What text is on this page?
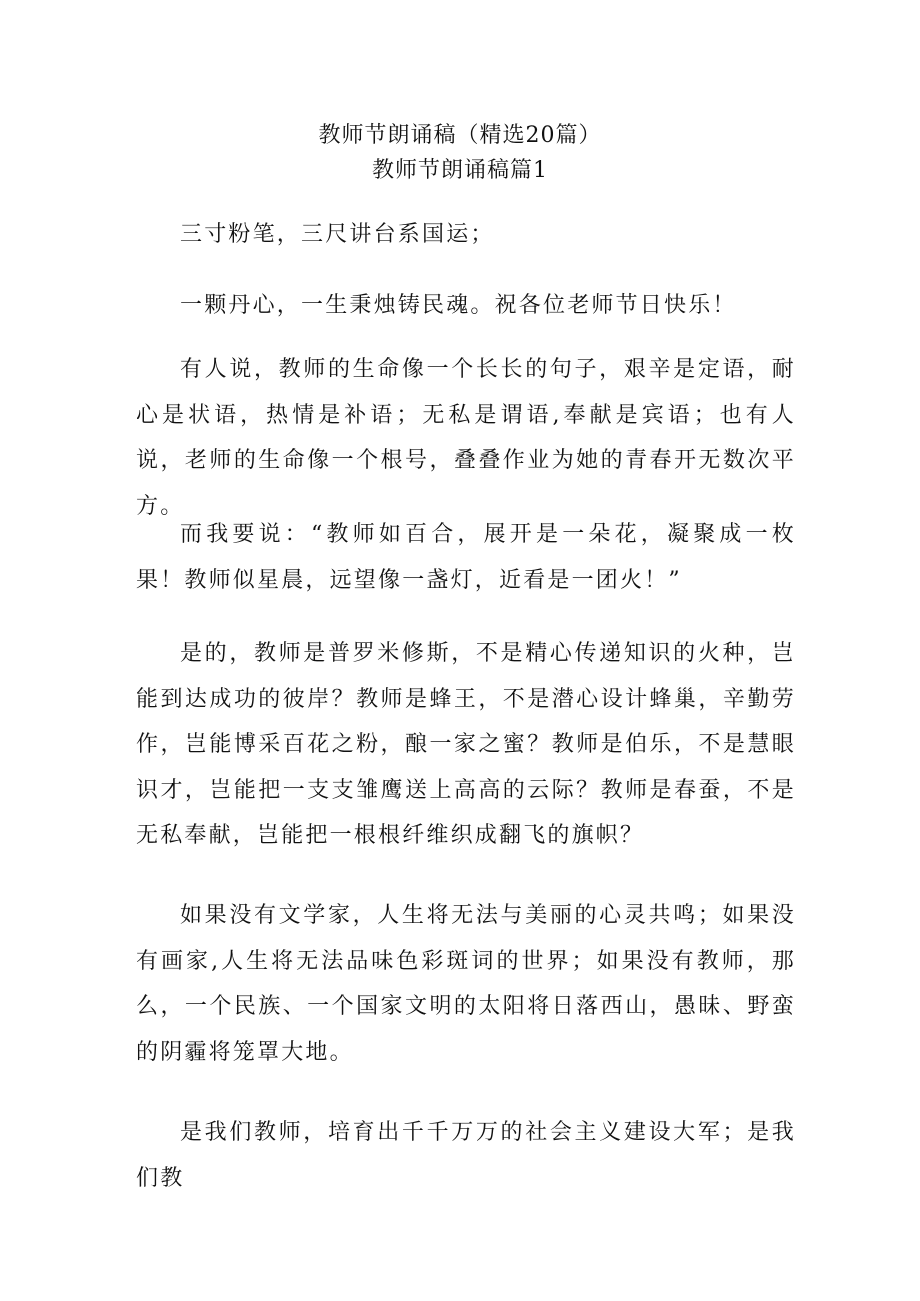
教师节朗诵稿（精选20篇）
教师节朗诵稿篇1

三寸粉笔，三尺讲台系国运；

一颗丹心，一生秉烛铸民魂。祝各位老师节日快乐！

有人说，教师的生命像一个长长的句子，艰辛是定语，耐心是状语，热情是补语；无私是谓语,奉献是宾语；也有人说，老师的生命像一个根号，叠叠作业为她的青春开无数次平方。

而我要说：“教师如百合，展开是一朵花，凝聚成一枚果！教师似星晨，远望像一盏灯，近看是一团火！”

是的，教师是普罗米修斯，不是精心传递知识的火种，岂能到达成功的彼岸？教师是蜂王，不是潜心设计蜂巢，辛勤劳作，岂能博采百花之粉，酿一家之蜜？教师是伯乐，不是慧眼识才，岂能把一支支雏鹰送上高高的云际？教师是春蚕，不是无私奉献，岂能把一根根纤维织成翻飞的旗帜？

如果没有文学家，人生将无法与美丽的心灵共鸣；如果没有画家,人生将无法品味色彩斑词的世界；如果没有教师，那么，一个民族、一个国家文明的太阳将日落西山，愚昧、野蛮的阴霾将笼罩大地。

是我们教师，培育出千千万万的社会主义建设大军；是我们教
